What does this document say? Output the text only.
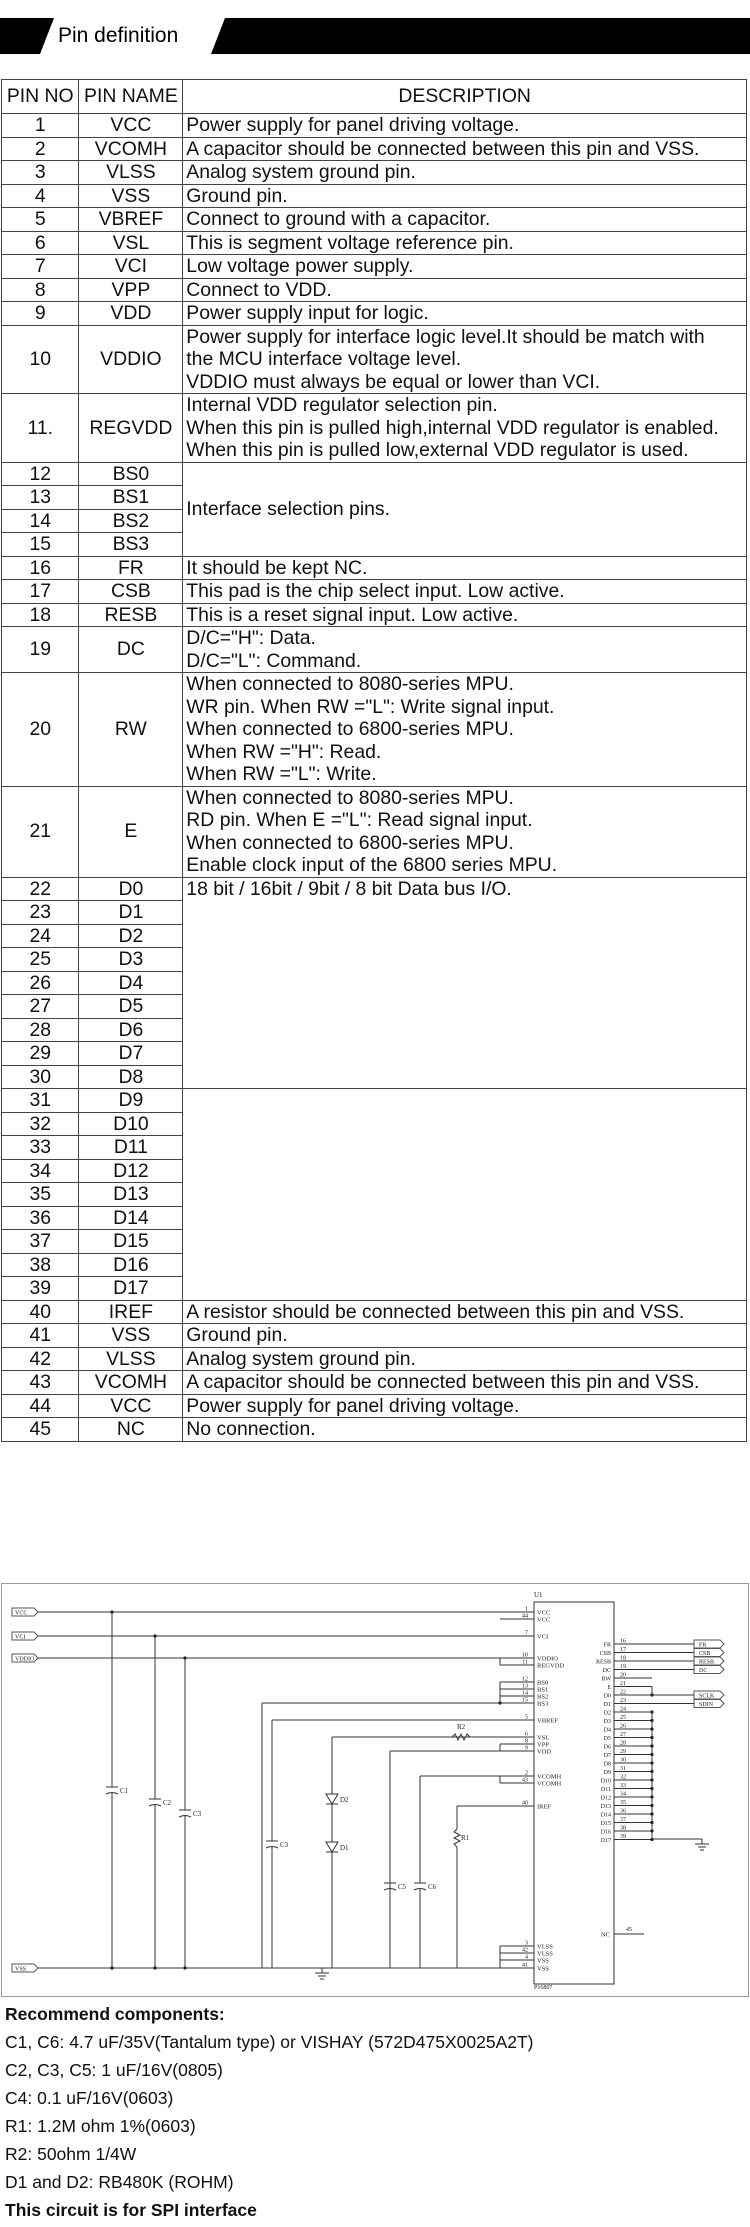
Pin definition
PIN NO	PIN NAME	DESCRIPTION
1	VCC	Power supply for panel driving voltage.

2	VCOMH	A capacitor should be connected between this pin and VSS.

3	VLSS	Analog system ground pin.

4	VSS	Ground pin.

5	VBREF	Connect to ground with a capacitor.

6	VSL	This is segment voltage reference pin.

7	VCI	Low voltage power supply.

8	VPP	Connect to VDD.

9	VDD	Power supply input for logic.

10	VDDIO	Power supply for interface logic level.It should be match with
the MCU interface voltage level.
VDDIO must always be equal or lower than VCI.

11.	REGVDD	Internal VDD regulator selection pin.
When this pin is pulled high,internal VDD regulator is enabled.
When this pin is pulled low,external VDD regulator is used.

12	BS0	Interface selection pins.

13	BS1	
14	BS2	
15	BS3	
16	FR	It should be kept NC.

17	CSB	This pad is the chip select input. Low active.

18	RESB	This is a reset signal input. Low active.

19	DC	D/C="H": Data.
D/C="L": Command.

20	RW	When connected to 8080-series MPU.
WR pin. When RW ="L": Write signal input.
When connected to 6800-series MPU.
When RW ="H": Read.
When RW ="L": Write.

21	E	When connected to 8080-series MPU.
RD pin. When E ="L": Read signal input.
When connected to 6800-series MPU.
Enable clock input of the 6800 series MPU.

22	D0	18 bit / 16bit / 9bit / 8 bit Data bus I/O.

23	D1	
24	D2	
25	D3	
26	D4	
27	D5	
28	D6	
29	D7	
30	D8	
31	D9	

32	D10	
33	D11	
34	D12	
35	D13	
36	D14	
37	D15	
38	D16	
39	D17	
40	IREF	A resistor should be connected between this pin and VSS.

41	VSS	Ground pin.

42	VLSS	Analog system ground pin.

43	VCOMH	A capacitor should be connected between this pin and VSS.

44	VCC	Power supply for panel driving voltage.

45	NC	No connection.
U1
P16807
VCC
VCI
VDDIO
VSS
C1
C2
C3
1 VCC
44 VCC
7 VCI
10 VDDIO
11 REGVDD
12 BS0
13 BS1
14 BS2
15 BS3
5 VBREF
6 VSL
8 VPP
9 VDD
2 VCOMH
43 VCOMH
40 IREF
3 VLSS
42 VLSS
4 VSS
41 VSS
C3
R2
D2
D1
C5	C6
R1
FR
16
CSB
17
RESB
18
DC
19
RW
20
E
21
D0
22
D1
23
D2
24
D3
25
D4
26
D5
27
D6
28
D7
29
D8
30
D9
31
D10
32
D11
33
D12
34
D13
35
D14
36
D15
37
D16
38
D17
39
FR
CSB
RESB
DC
SCLK
SDIN
NC
45
Recommend components:
C1, C6: 4.7 uF/35V(Tantalum type) or VISHAY (572D475X0025A2T)
C2, C3, C5: 1 uF/16V(0805)
C4: 0.1 uF/16V(0603)
R1: 1.2M ohm 1%(0603)
R2: 50ohm 1/4W
D1 and D2: RB480K (ROHM)
This circuit is for SPI interface
